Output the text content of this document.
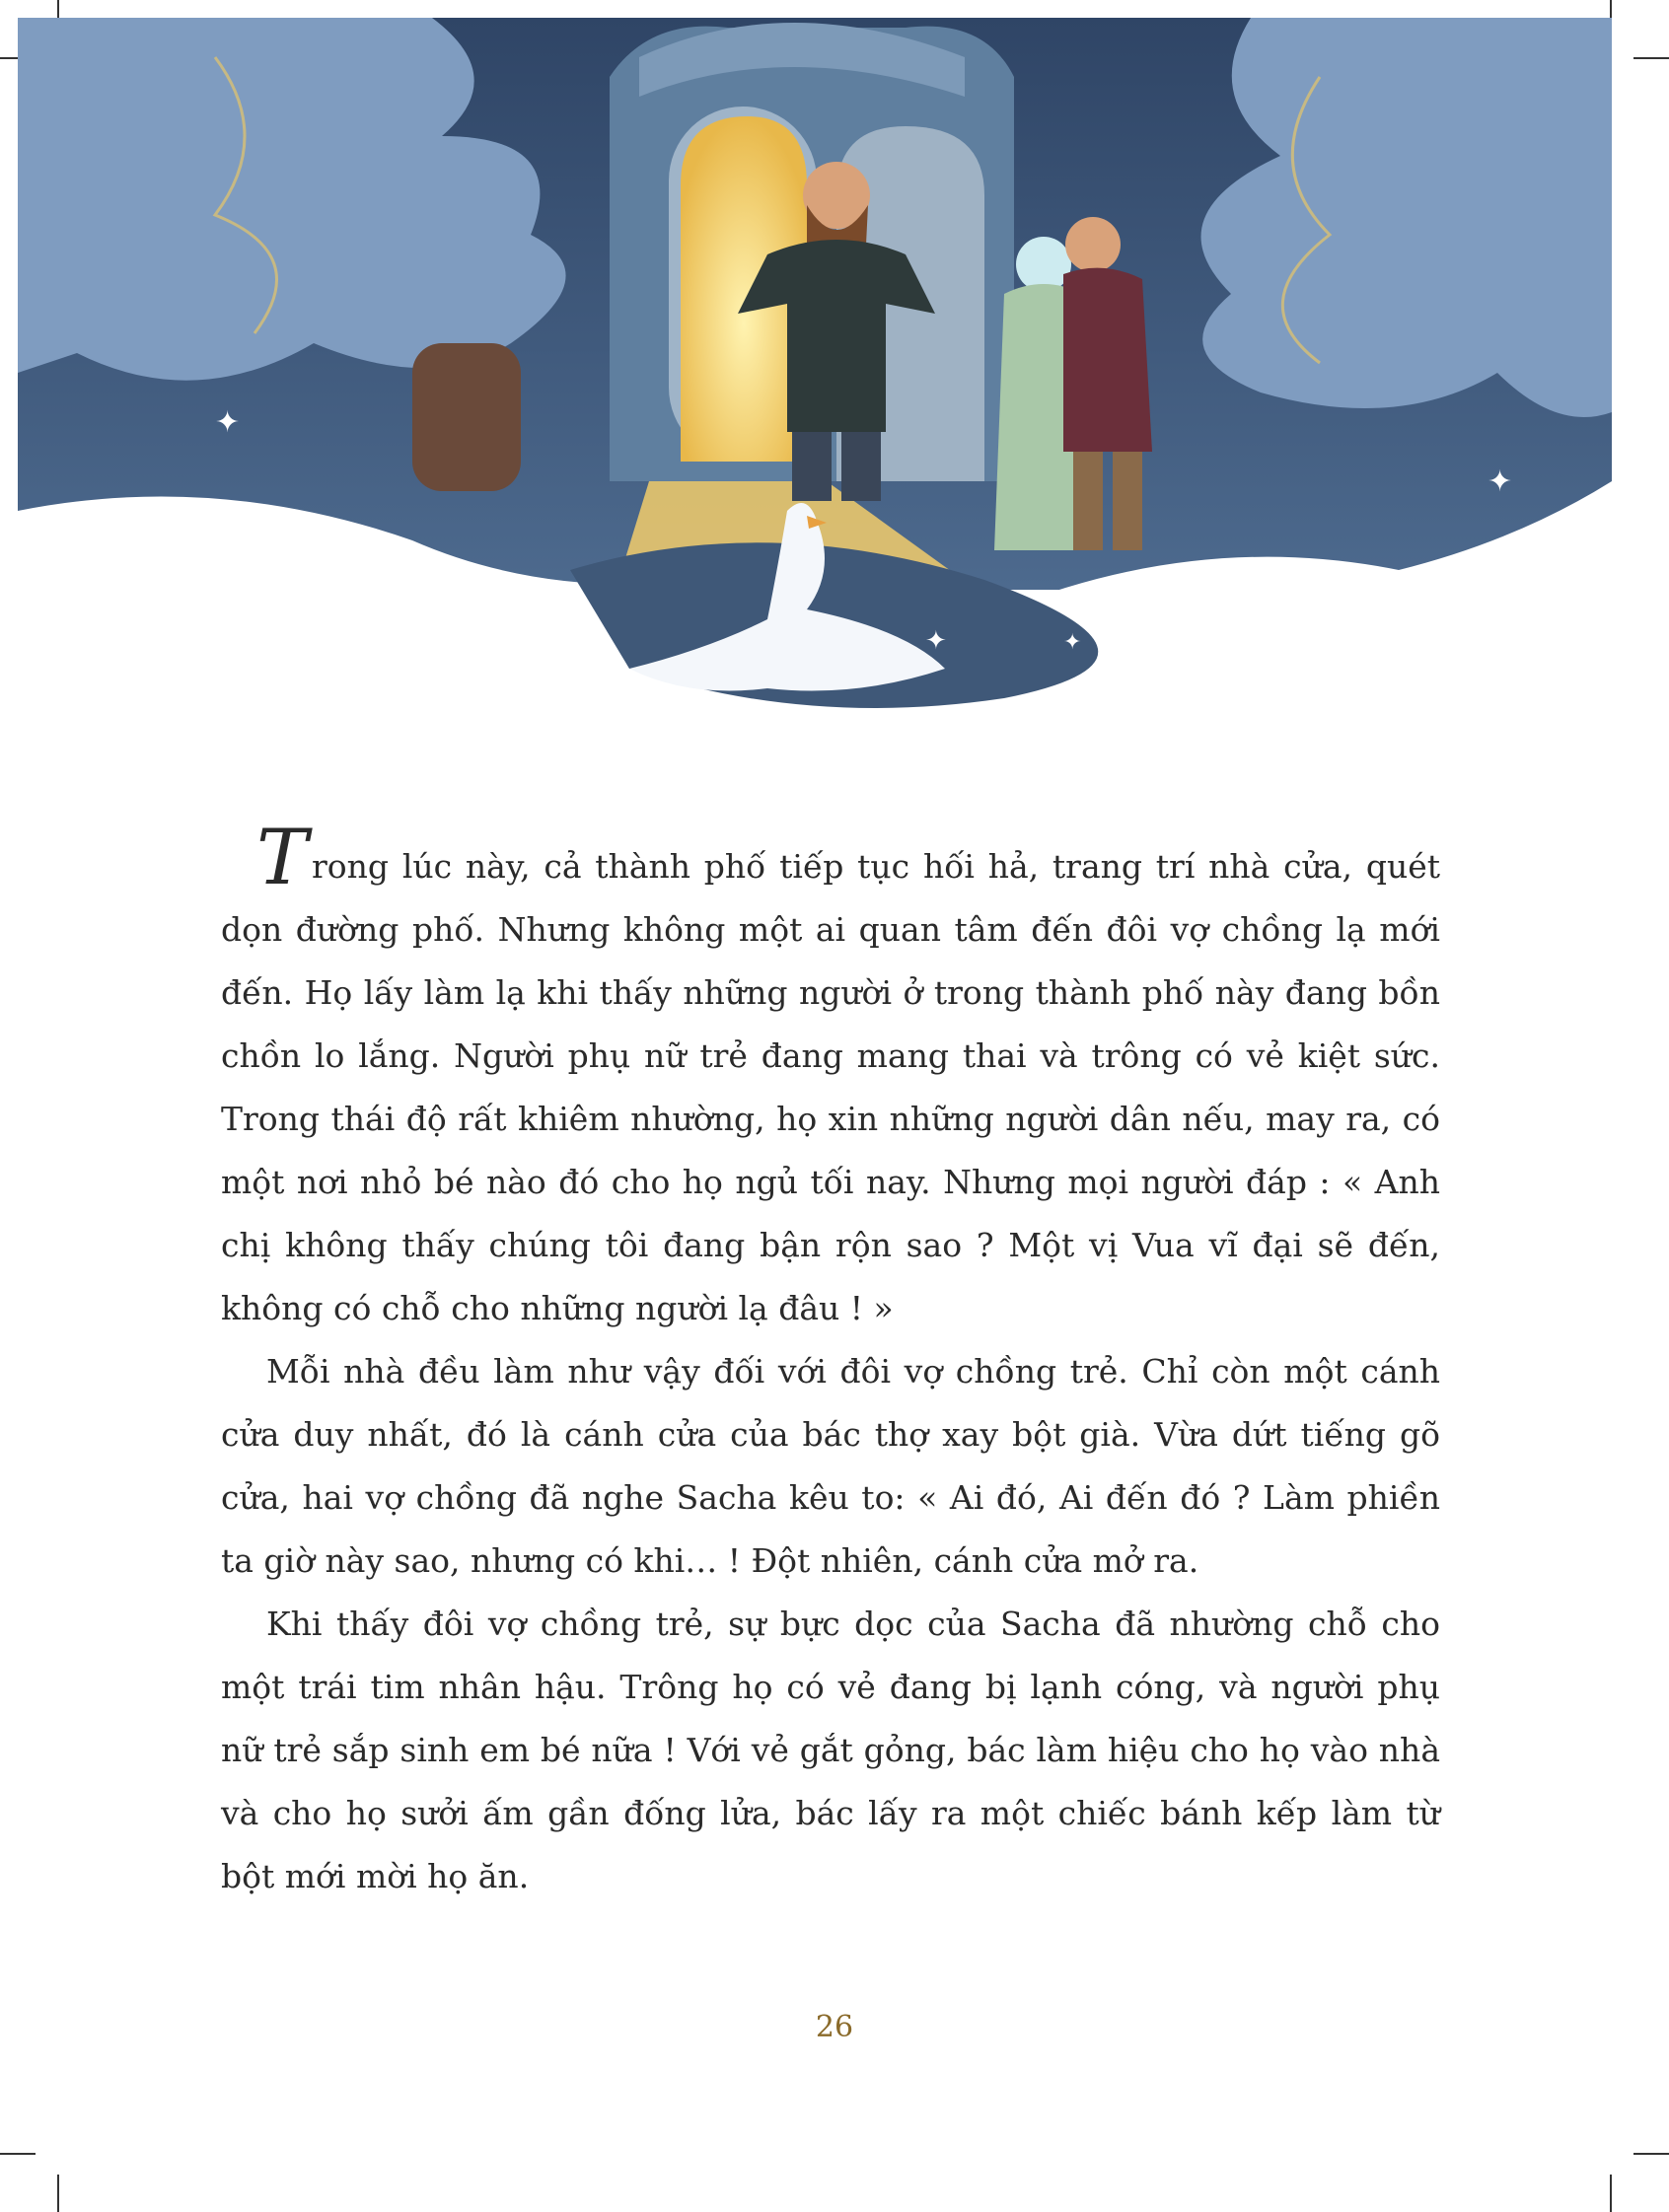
✦
✦
✦	✦
✦

Trong lúc này, cả thành phố tiếp tục hối hả, trang trí nhà cửa, quét dọn đường phố. Nhưng không một ai quan tâm đến đôi vợ chồng lạ mới đến. Họ lấy làm lạ khi thấy những người ở trong thành phố này đang bồn chồn lo lắng. Người phụ nữ trẻ đang mang thai và trông có vẻ kiệt sức. Trong thái độ rất khiêm nhường, họ xin những người dân nếu, may ra, có một nơi nhỏ bé nào đó cho họ ngủ tối nay. Nhưng mọi người đáp : « Anh chị không thấy chúng tôi đang bận rộn sao ? Một vị Vua vĩ đại sẽ đến, không có chỗ cho những người lạ đâu ! »

Mỗi nhà đều làm như vậy đối với đôi vợ chồng trẻ. Chỉ còn một cánh cửa duy nhất, đó là cánh cửa của bác thợ xay bột già. Vừa dứt tiếng gõ cửa, hai vợ chồng đã nghe Sacha kêu to: « Ai đó, Ai đến đó ? Làm phiền ta giờ này sao, nhưng có khi… ! Đột nhiên, cánh cửa mở ra.

Khi thấy đôi vợ chồng trẻ, sự bực dọc của Sacha đã nhường chỗ cho một trái tim nhân hậu. Trông họ có vẻ đang bị lạnh cóng, và người phụ nữ trẻ sắp sinh em bé nữa ! Với vẻ gắt gỏng, bác làm hiệu cho họ vào nhà và cho họ sưởi ấm gần đống lửa, bác lấy ra một chiếc bánh kếp làm từ bột mới mời họ ăn.

26
